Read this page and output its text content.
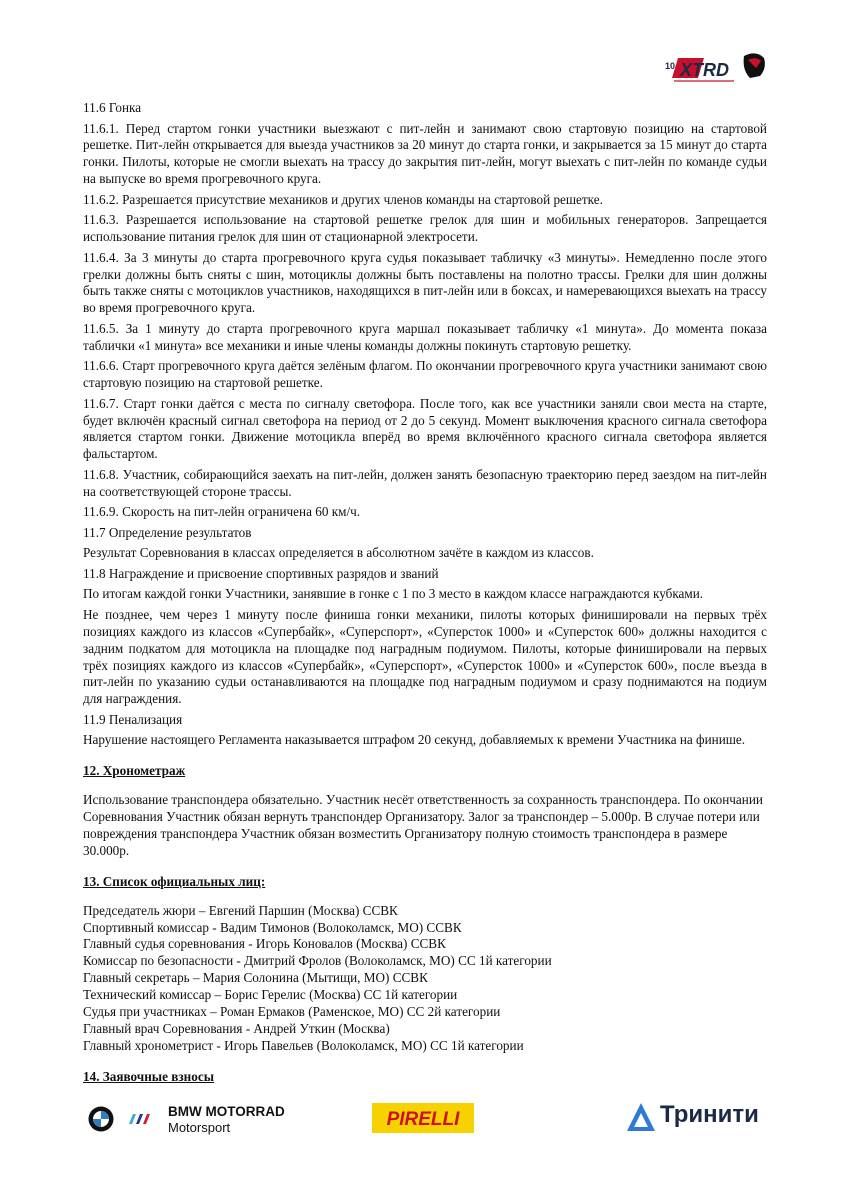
10 XTRD

11.6 Гонка

11.6.1. Перед стартом гонки участники выезжают с пит-лейн и занимают свою стартовую позицию на стартовой решетке. Пит-лейн открывается для выезда участников за 20 минут до старта гонки, и закрывается за 15 минут до старта гонки. Пилоты, которые не смогли выехать на трассу до закрытия пит-лейн, могут выехать с пит-лейн по команде судьи на выпуске во время прогревочного круга.

11.6.2. Разрешается присутствие механиков и других членов команды на стартовой решетке.

11.6.3. Разрешается использование на стартовой решетке грелок для шин и мобильных генераторов. Запрещается использование питания грелок для шин от стационарной электросети.

11.6.4. За 3 минуты до старта прогревочного круга судья показывает табличку «3 минуты». Немедленно после этого грелки должны быть сняты с шин, мотоциклы должны быть поставлены на полотно трассы. Грелки для шин должны быть также сняты с мотоциклов участников, находящихся в пит-лейн или в боксах, и намеревающихся выехать на трассу во время прогревочного круга.

11.6.5. За 1 минуту до старта прогревочного круга маршал показывает табличку «1 минута». До момента показа таблички «1 минута» все механики и иные члены команды должны покинуть стартовую решетку.

11.6.6. Старт прогревочного круга даётся зелёным флагом. По окончании прогревочного круга участники занимают свою стартовую позицию на стартовой решетке.

11.6.7. Старт гонки даётся с места по сигналу светофора. После того, как все участники заняли свои места на старте, будет включён красный сигнал светофора на период от 2 до 5 секунд. Момент выключения красного сигнала светофора является стартом гонки. Движение мотоцикла вперёд во время включённого красного сигнала светофора является фальстартом.

11.6.8. Участник, собирающийся заехать на пит-лейн, должен занять безопасную траекторию перед заездом на пит-лейн на соответствующей стороне трассы.

11.6.9. Скорость на пит-лейн ограничена 60 км/ч.

11.7 Определение результатов

Результат Соревнования в классах определяется в абсолютном зачёте в каждом из классов.

11.8 Награждение и присвоение спортивных разрядов и званий

По итогам каждой гонки Участники, занявшие в гонке с 1 по 3 место в каждом классе награждаются кубками.

Не позднее, чем через 1 минуту после финиша гонки механики, пилоты которых финишировали на первых трёх позициях каждого из классов «Супербайк», «Суперспорт», «Суперсток 1000» и «Суперсток 600» должны находится с задним подкатом для мотоцикла на площадке под наградным подиумом. Пилоты, которые финишировали на первых трёх позициях каждого из классов «Супербайк», «Суперспорт», «Суперсток 1000» и «Суперсток 600», после въезда в пит-лейн по указанию судьи останавливаются на площадке под наградным подиумом и сразу поднимаются на подиум для награждения.

11.9 Пенализация

Нарушение настоящего Регламента наказывается штрафом 20 секунд, добавляемых к времени Участника на финише.

12. Хронометраж

Использование транспондера обязательно. Участник несёт ответственность за сохранность транспондера. По окончании Соревнования Участник обязан вернуть транспондер Организатору. Залог за транспондер – 5.000р. В случае потери или повреждения транспондера Участник обязан возместить Организатору полную стоимость транспондера в размере 30.000р.

13. Список официальных лиц:

Председатель жюри – Евгений Паршин (Москва) ССВК
Спортивный комиссар - Вадим Тимонов (Волоколамск, МО) ССВК
Главный судья соревнования - Игорь Коновалов (Москва) ССВК
Комиссар по безопасности - Дмитрий Фролов (Волоколамск, МО) СС 1й категории
Главный секретарь – Мария Солонина (Мытищи, МО) ССВК
Технический комиссар – Борис Герелис (Москва) СС 1й категории
Судья при участниках – Роман Ермаков (Раменское, МО) СС 2й категории
Главный врач Соревнования - Андрей Уткин (Москва)
Главный хронометрист - Игорь Павельев (Волоколамск, МО) СС 1й категории

14. Заявочные взносы

BMW MOTORRAD
Motorsport	PIRELLI	Тринити
